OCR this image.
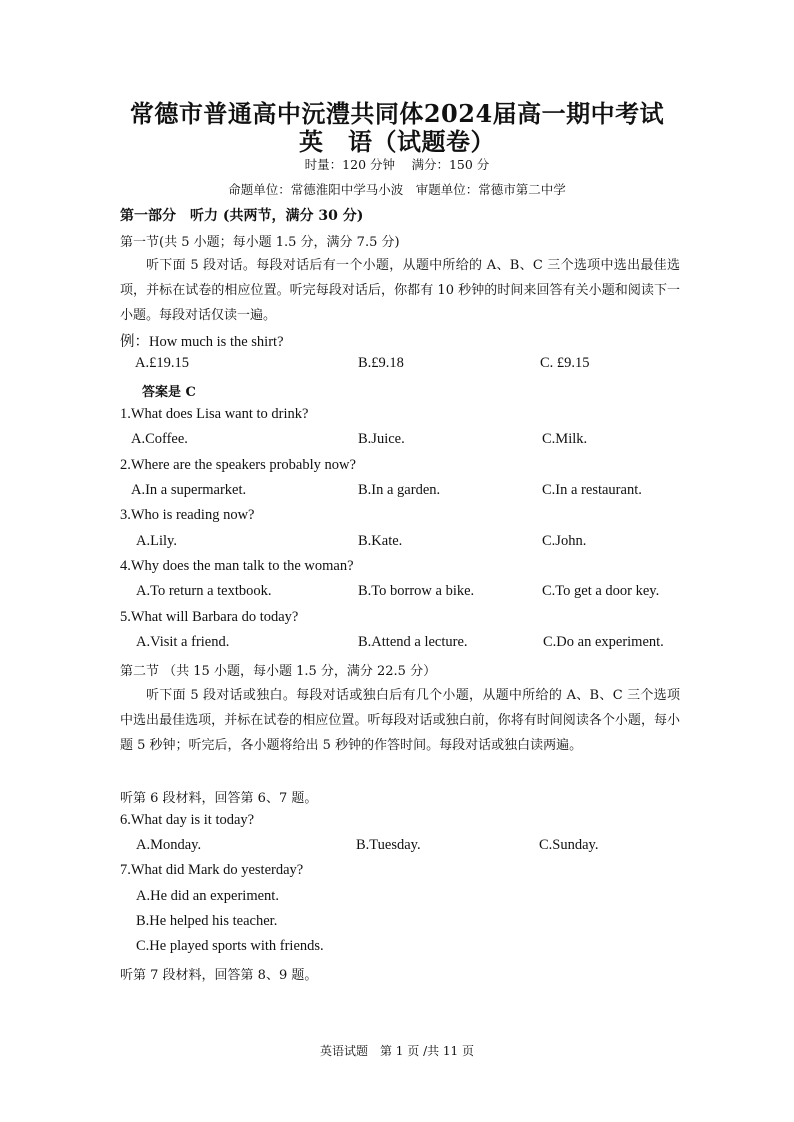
常德市普通高中沅澧共同体2024届高一期中考试
英　语（试题卷）
时量：120 分钟　 满分：150 分
命题单位：常德淮阳中学马小波　审题单位：常德市第二中学
第一部分　听力 (共两节，满分 30 分)
第一节(共 5 小题；每小题 1.5 分，满分 7.5 分)
听下面 5 段对话。每段对话后有一个小题，从题中所给的 A、B、C 三个选项中选出最佳选项，并标在试卷的相应位置。听完每段对话后，你都有 10 秒钟的时间来回答有关小题和阅读下一小题。每段对话仅读一遍。
例：How much is the shirt?
A.£19.15	B.£9.18	C. £9.15
答案是 C
1.What does Lisa want to drink?
A.Coffee.	B.Juice.	C.Milk.
2.Where are the speakers probably now?
A.In a supermarket.	B.In a garden.	C.In a restaurant.
3.Who is reading now?
A.Lily.	B.Kate.	C.John.
4.Why does the man talk to the woman?
A.To return a textbook.	B.To borrow a bike.	C.To get a door key.
5.What will Barbara do today?
A.Visit a friend.	B.Attend a lecture.	C.Do an experiment.
第二节 （共 15 小题，每小题 1.5 分，满分 22.5 分）
听下面 5 段对话或独白。每段对话或独白后有几个小题，从题中所给的 A、B、C 三个选项中选出最佳选项，并标在试卷的相应位置。听每段对话或独白前，你将有时间阅读各个小题，每小题 5 秒钟；听完后，各小题将给出 5 秒钟的作答时间。每段对话或独白读两遍。
听第 6 段材料，回答第 6、7 题。
6.What day is it today?
A.Monday.	B.Tuesday.	C.Sunday.
7.What did Mark do yesterday?
A.He did an experiment.
B.He helped his teacher.
C.He played sports with friends.
听第 7 段材料，回答第 8、9 题。
英语试题　第 1 页 /共 11 页
